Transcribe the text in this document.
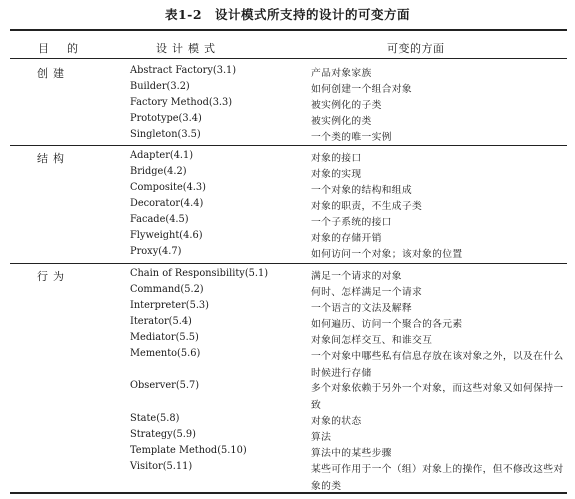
表1-2　设计模式所支持的设计的可变方面
目的	设计模式	可变的方面
创建	Abstract Factory(3.1)	产品对象家族
Builder(3.2)	如何创建一个组合对象
Factory Method(3.3)	被实例化的子类
Prototype(3.4)	被实例化的类
Singleton(3.5)	一个类的唯一实例
结构	Adapter(4.1)	对象的接口
Bridge(4.2)	对象的实现
Composite(4.3)	一个对象的结构和组成
Decorator(4.4)	对象的职责，不生成子类
Facade(4.5)	一个子系统的接口
Flyweight(4.6)	对象的存储开销
Proxy(4.7)	如何访问一个对象；该对象的位置
行为	Chain of Responsibility(5.1)	满足一个请求的对象
Command(5.2)	何时、怎样满足一个请求
Interpreter(5.3)	一个语言的文法及解释
Iterator(5.4)	如何遍历、访问一个聚合的各元素
Mediator(5.5)	对象间怎样交互、和谁交互
Memento(5.6)	一个对象中哪些私有信息存放在该对象之外，以及在什么时候进行存储
Observer(5.7)	多个对象依赖于另外一个对象，而这些对象又如何保持一致
State(5.8)	对象的状态
Strategy(5.9)	算法
Template Method(5.10)	算法中的某些步骤
Visitor(5.11)	某些可作用于一个（组）对象上的操作，但不修改这些对象的类
